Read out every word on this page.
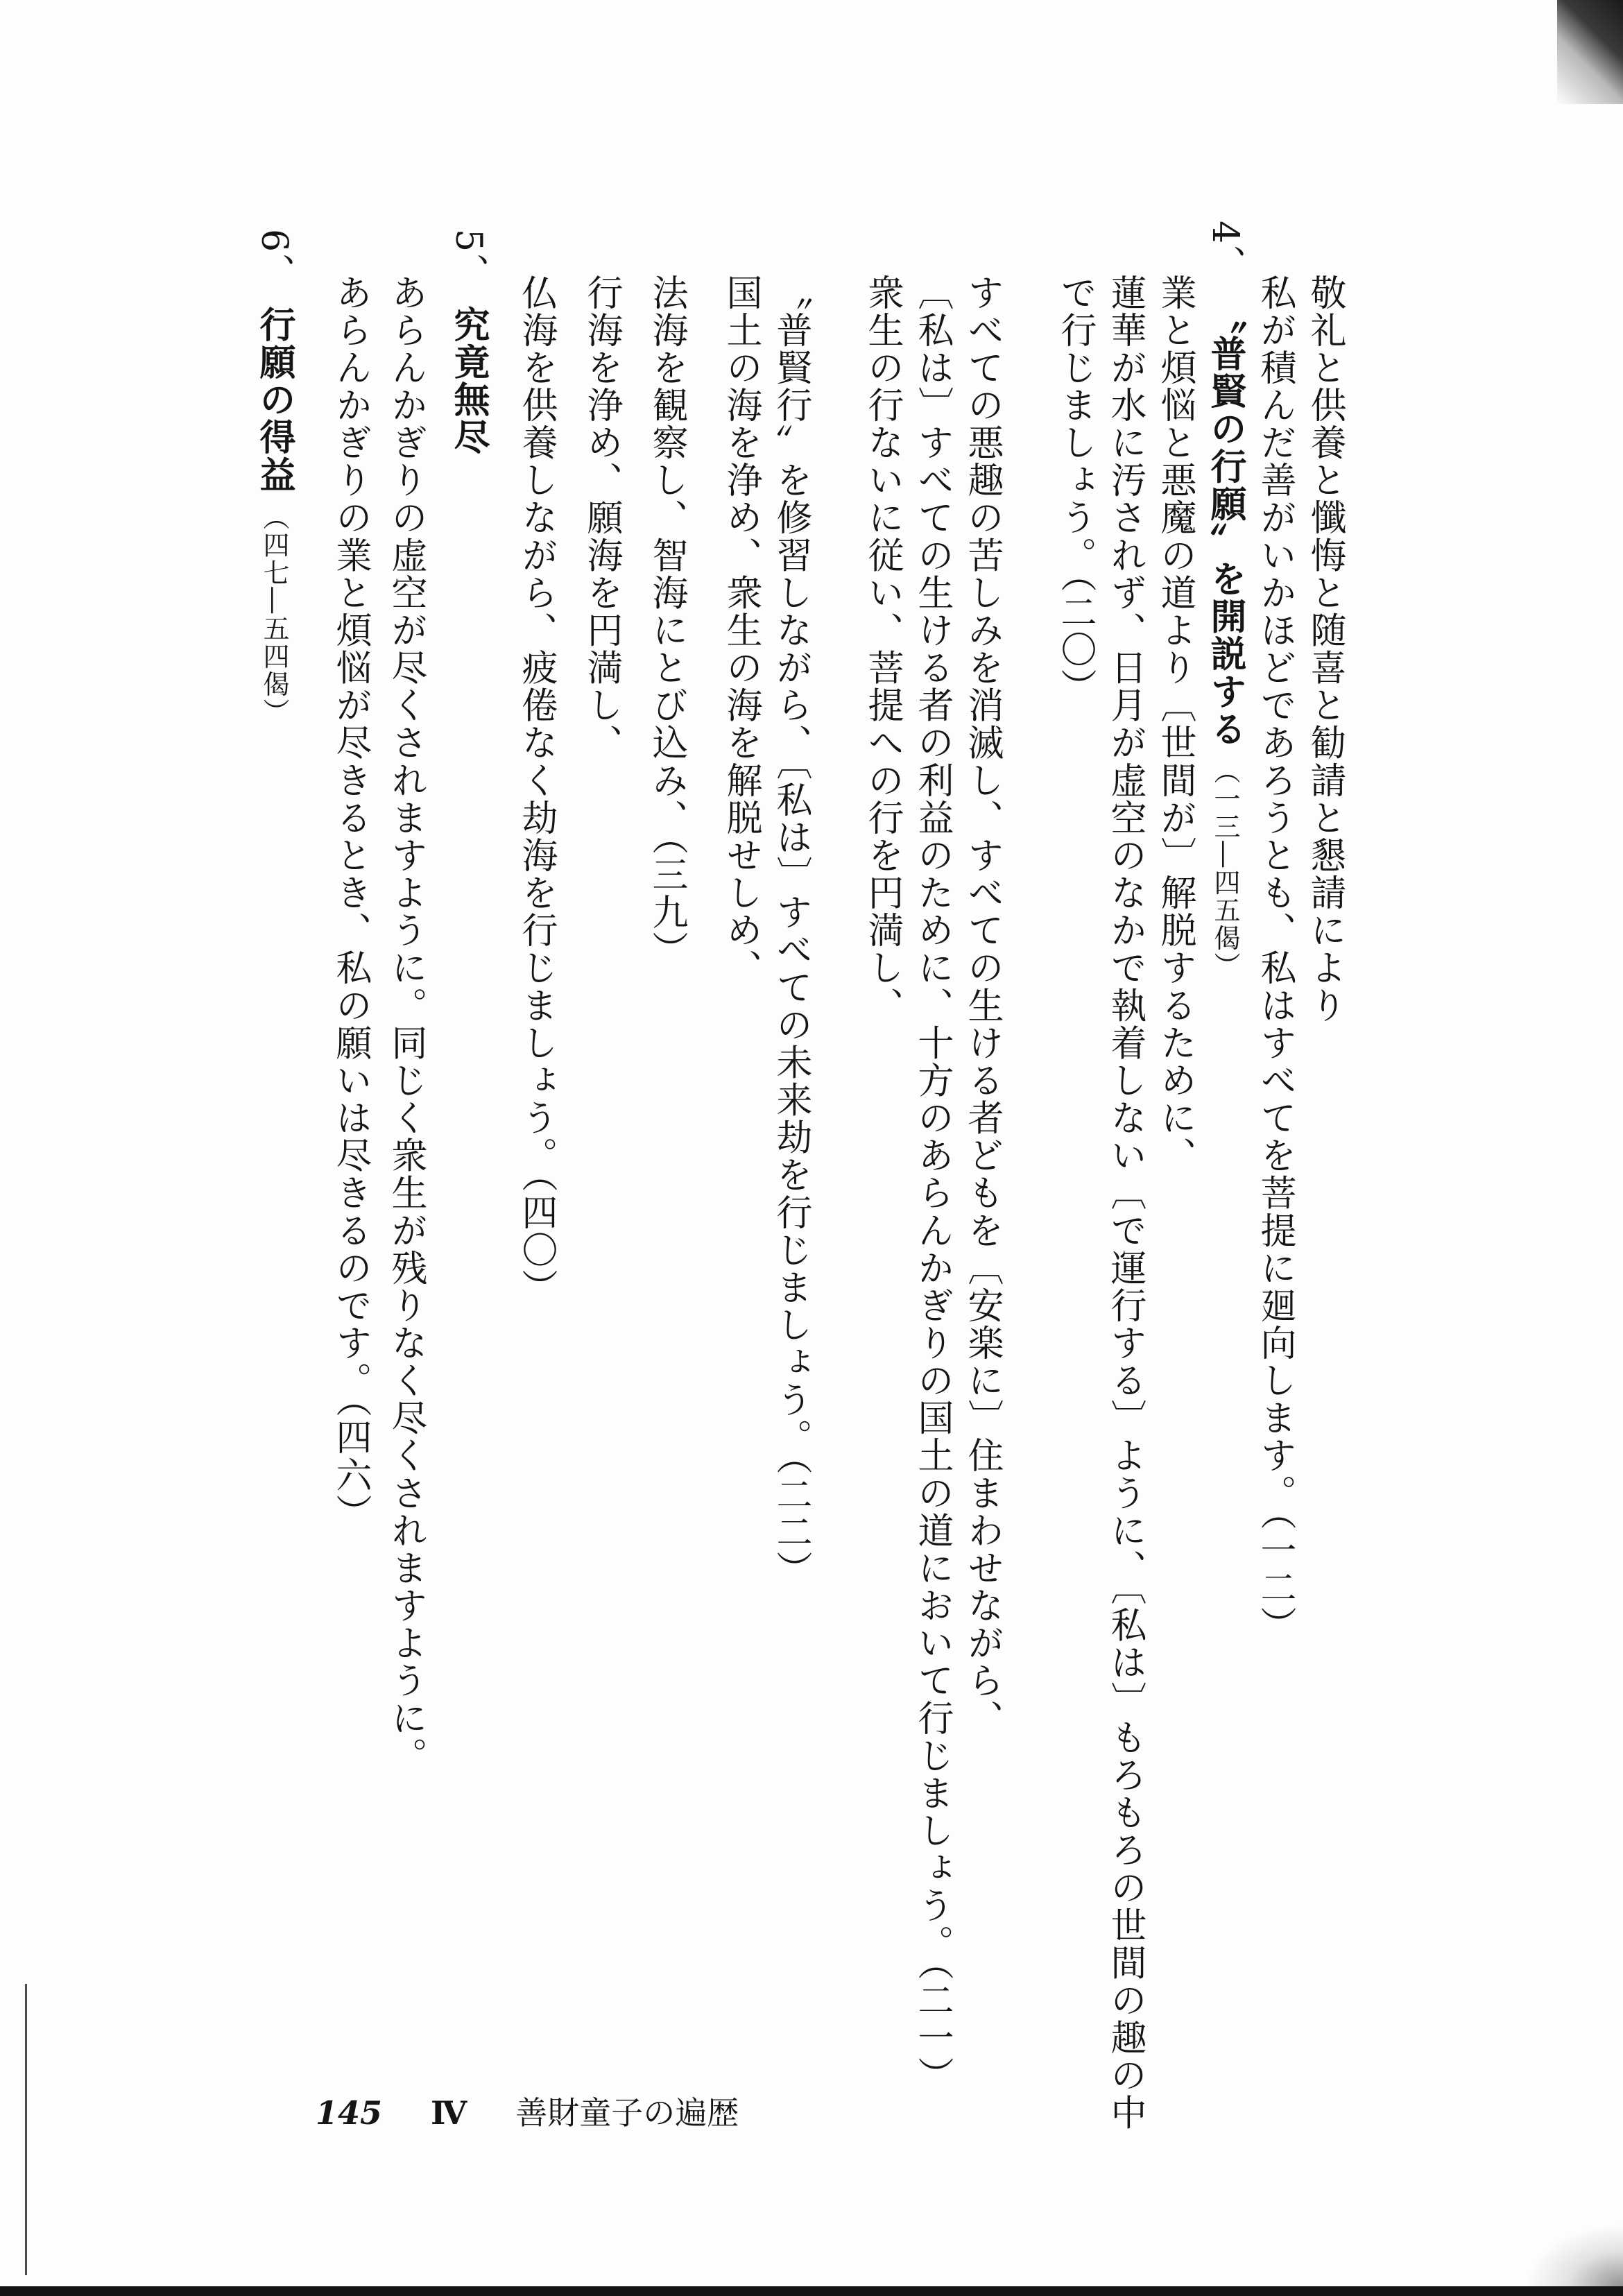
敬礼と供養と懺悔と随喜と勧請と懇請により
私が積んだ善がいかほどであろうとも、私はすべてを菩提に廻向します。（一二）
4、〝普賢の行願〟を開説する（一三―四五偈）
業と煩悩と悪魔の道より〔世間が〕解脱するために、
蓮華が水に汚されず、日月が虚空のなかで執着しない〔で運行する〕ように、〔私は〕もろもろの世間の趣の中
で行じましょう。（二〇）
すべての悪趣の苦しみを消滅し、すべての生ける者どもを〔安楽に〕住まわせながら、
〔私は〕すべての生ける者の利益のために、十方のあらんかぎりの国土の道において行じましょう。（二一）
衆生の行ないに従い、菩提への行を円満し、
〝普賢行〟を修習しながら、〔私は〕すべての未来劫を行じましょう。（二二）
国土の海を浄め、衆生の海を解脱せしめ、
法海を観察し、智海にとび込み、（三九）
行海を浄め、願海を円満し、
仏海を供養しながら、疲倦なく劫海を行じましょう。（四〇）
5、究竟無尽
あらんかぎりの虚空が尽くされますように。同じく衆生が残りなく尽くされますように。
あらんかぎりの業と煩悩が尽きるとき、私の願いは尽きるのです。（四六）
6、行願の得益（四七―五四偈）
145 Ⅳ 善財童子の遍歴
